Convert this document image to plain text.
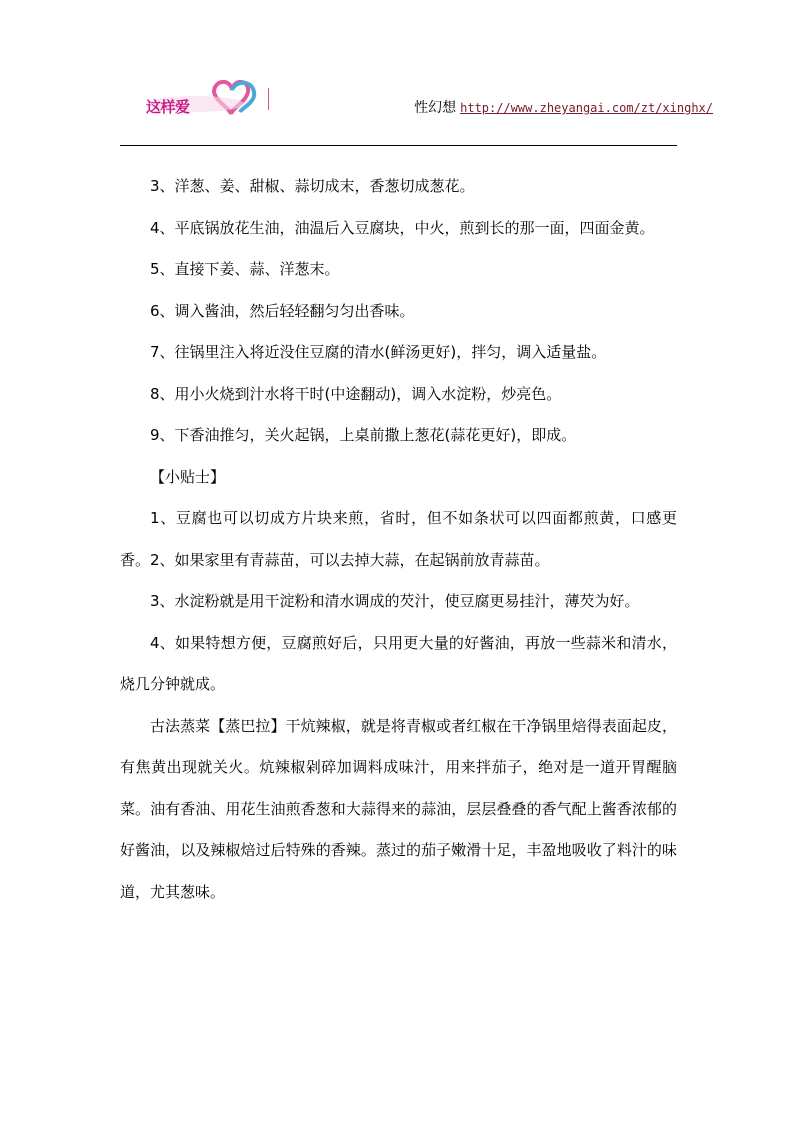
这样爱	性幻想 http://www.zheyangai.com/zt/xinghx/

3、洋葱、姜、甜椒、蒜切成末，香葱切成葱花。

4、平底锅放花生油，油温后入豆腐块，中火，煎到长的那一面，四面金黄。

5、直接下姜、蒜、洋葱末。

6、调入酱油，然后轻轻翻匀匀出香味。

7、往锅里注入将近没住豆腐的清水(鲜汤更好)，拌匀，调入适量盐。

8、用小火烧到汁水将干时(中途翻动)，调入水淀粉，炒亮色。

9、下香油推匀，关火起锅，上桌前撒上葱花(蒜花更好)，即成。

【小贴士】

1、豆腐也可以切成方片块来煎，省时，但不如条状可以四面都煎黄，口感更香。2、如果家里有青蒜苗，可以去掉大蒜，在起锅前放青蒜苗。

3、水淀粉就是用干淀粉和清水调成的芡汁，使豆腐更易挂汁，薄芡为好。

4、如果特想方便，豆腐煎好后，只用更大量的好酱油，再放一些蒜米和清水，烧几分钟就成。

古法蒸菜【蒸巴拉】干炕辣椒，就是将青椒或者红椒在干净锅里焙得表面起皮，有焦黄出现就关火。炕辣椒剁碎加调料成味汁，用来拌茄子，绝对是一道开胃醒脑菜。油有香油、用花生油煎香葱和大蒜得来的蒜油，层层叠叠的香气配上酱香浓郁的好酱油，以及辣椒焙过后特殊的香辣。蒸过的茄子嫩滑十足，丰盈地吸收了料汁的味道，尤其葱味。
